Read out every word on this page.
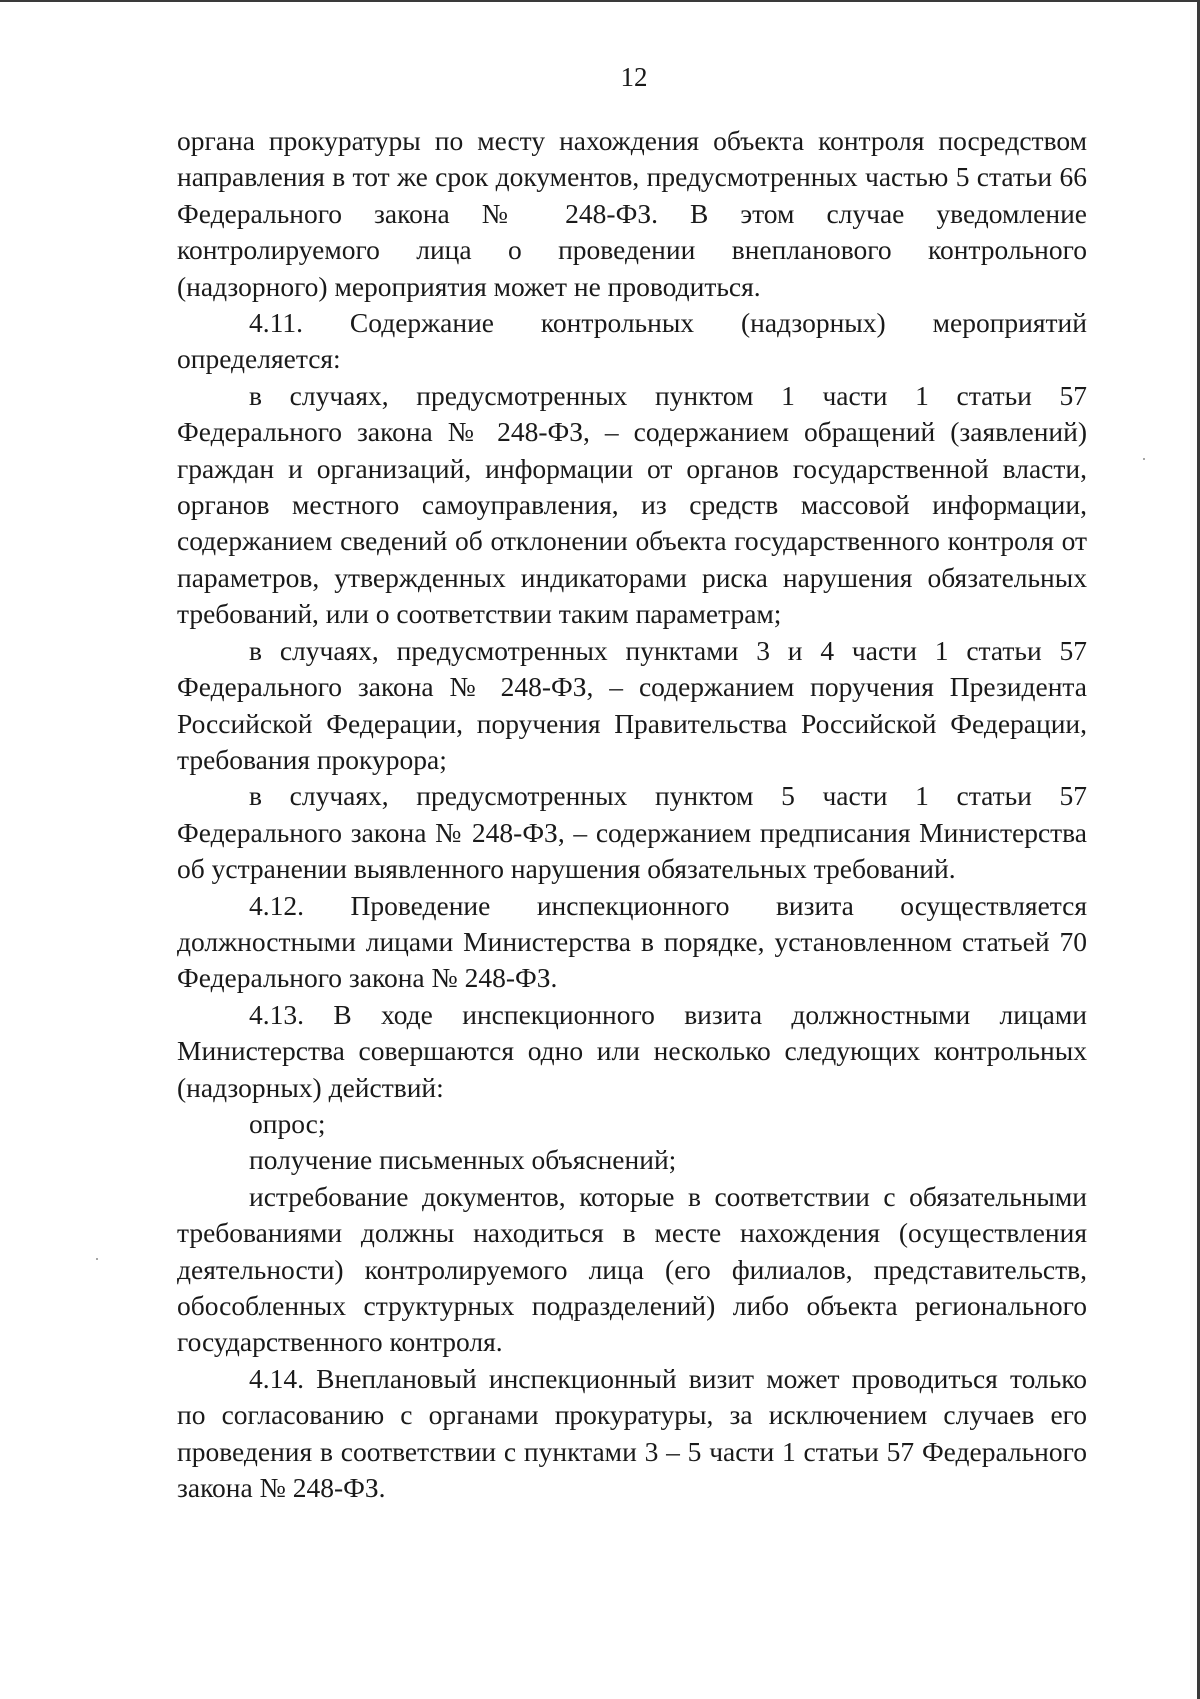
12

органа прокуратуры по месту нахождения объекта контроля посредством направления в тот же срок документов, предусмотренных частью 5 статьи 66 Федерального закона № 248-ФЗ. В этом случае уведомление контролируемого лица о проведении внепланового контрольного (надзорного) мероприятия может не проводиться.

4.11. Содержание контрольных (надзорных) мероприятий определяется:

в случаях, предусмотренных пунктом 1 части 1 статьи 57 Федерального закона № 248-ФЗ, – содержанием обращений (заявлений) граждан и организаций, информации от органов государственной власти, органов местного самоуправления, из средств массовой информации, содержанием сведений об отклонении объекта государственного контроля от параметров, утвержденных индикаторами риска нарушения обязательных требований, или о соответствии таким параметрам;

в случаях, предусмотренных пунктами 3 и 4 части 1 статьи 57 Федерального закона № 248-ФЗ, – содержанием поручения Президента Российской Федерации, поручения Правительства Российской Федерации, требования прокурора;

в случаях, предусмотренных пунктом 5 части 1 статьи 57 Федерального закона № 248-ФЗ, – содержанием предписания Министерства об устранении выявленного нарушения обязательных требований.

4.12. Проведение инспекционного визита осуществляется должностными лицами Министерства в порядке, установленном статьей 70 Федерального закона № 248-ФЗ.

4.13. В ходе инспекционного визита должностными лицами Министерства совершаются одно или несколько следующих контрольных (надзорных) действий:

опрос;

получение письменных объяснений;

истребование документов, которые в соответствии с обязательными требованиями должны находиться в месте нахождения (осуществления деятельности) контролируемого лица (его филиалов, представительств, обособленных структурных подразделений) либо объекта регионального государственного контроля.

4.14. Внеплановый инспекционный визит может проводиться только по согласованию с органами прокуратуры, за исключением случаев его проведения в соответствии с пунктами 3 – 5 части 1 статьи 57 Федерального закона № 248-ФЗ.
